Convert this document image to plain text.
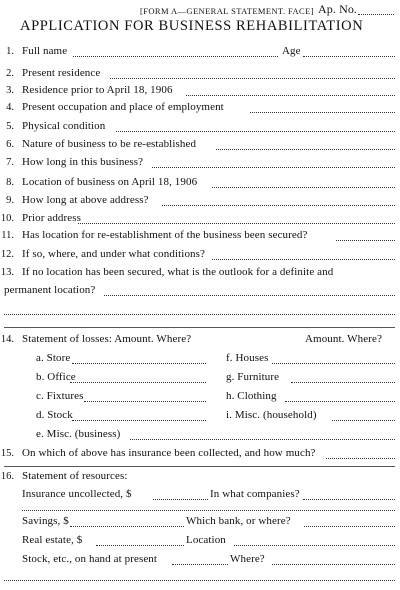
[FORM A—GENERAL STATEMENT. FACE] Ap. No.
APPLICATION FOR BUSINESS REHABILITATION
1. Full name	Age
2. Present residence
3. Residence prior to April 18, 1906
4. Present occupation and place of employment
5. Physical condition
6. Nature of business to be re-established
7. How long in this business?
8. Location of business on April 18, 1906
9. How long at above address?
10. Prior address
11. Has location for re-establishment of the business been secured?
12. If so, where, and under what conditions?
13. If no location has been secured, what is the outlook for a definite and
permanent location?
14. Statement of losses: Amount. Where?	Amount. Where?
a. Store
b. Office
c. Fixtures
d. Stock
e. Misc. (business)
f. Houses
g. Furniture
h. Clothing
i. Misc. (household)
15. On which of above has insurance been collected, and how much?
16. Statement of resources:
Insurance uncollected, $	In what companies?
Savings, $	Which bank, or where?
Real estate, $	Location
Stock, etc., on hand at present	Where?
